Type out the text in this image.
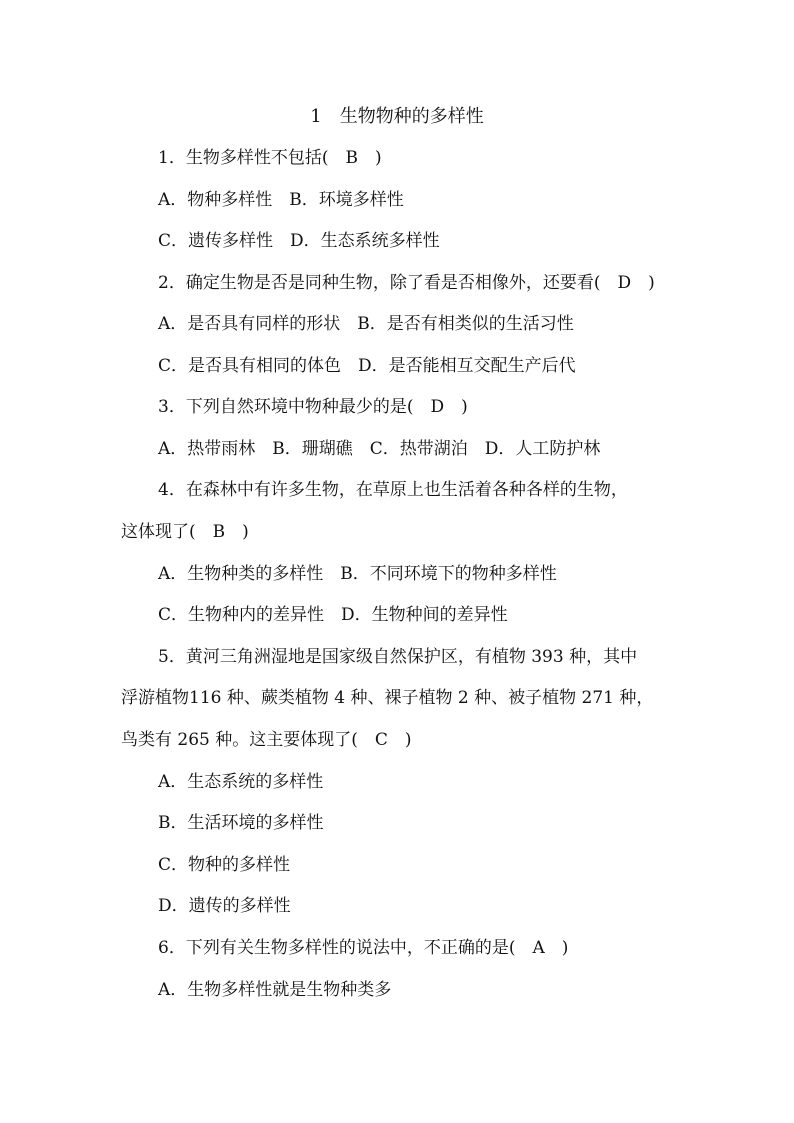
1　生物物种的多样性
1．生物多样性不包括(　B　)
A．物种多样性　B．环境多样性
C．遗传多样性　D．生态系统多样性
2．确定生物是否是同种生物，除了看是否相像外，还要看(　D　)
A．是否具有同样的形状　B．是否有相类似的生活习性
C．是否具有相同的体色　D．是否能相互交配生产后代
3．下列自然环境中物种最少的是(　D　)
A．热带雨林　B．珊瑚礁　C．热带湖泊　D．人工防护林
4．在森林中有许多生物，在草原上也生活着各种各样的生物，
这体现了(　B　)
A．生物种类的多样性　B．不同环境下的物种多样性
C．生物种内的差异性　D．生物种间的差异性
5．黄河三角洲湿地是国家级自然保护区，有植物 393 种，其中
浮游植物116 种、蕨类植物 4 种、裸子植物 2 种、被子植物 271 种，
鸟类有 265 种。这主要体现了(　C　)
A．生态系统的多样性
B．生活环境的多样性
C．物种的多样性
D．遗传的多样性
6．下列有关生物多样性的说法中，不正确的是(　A　)
A．生物多样性就是生物种类多
